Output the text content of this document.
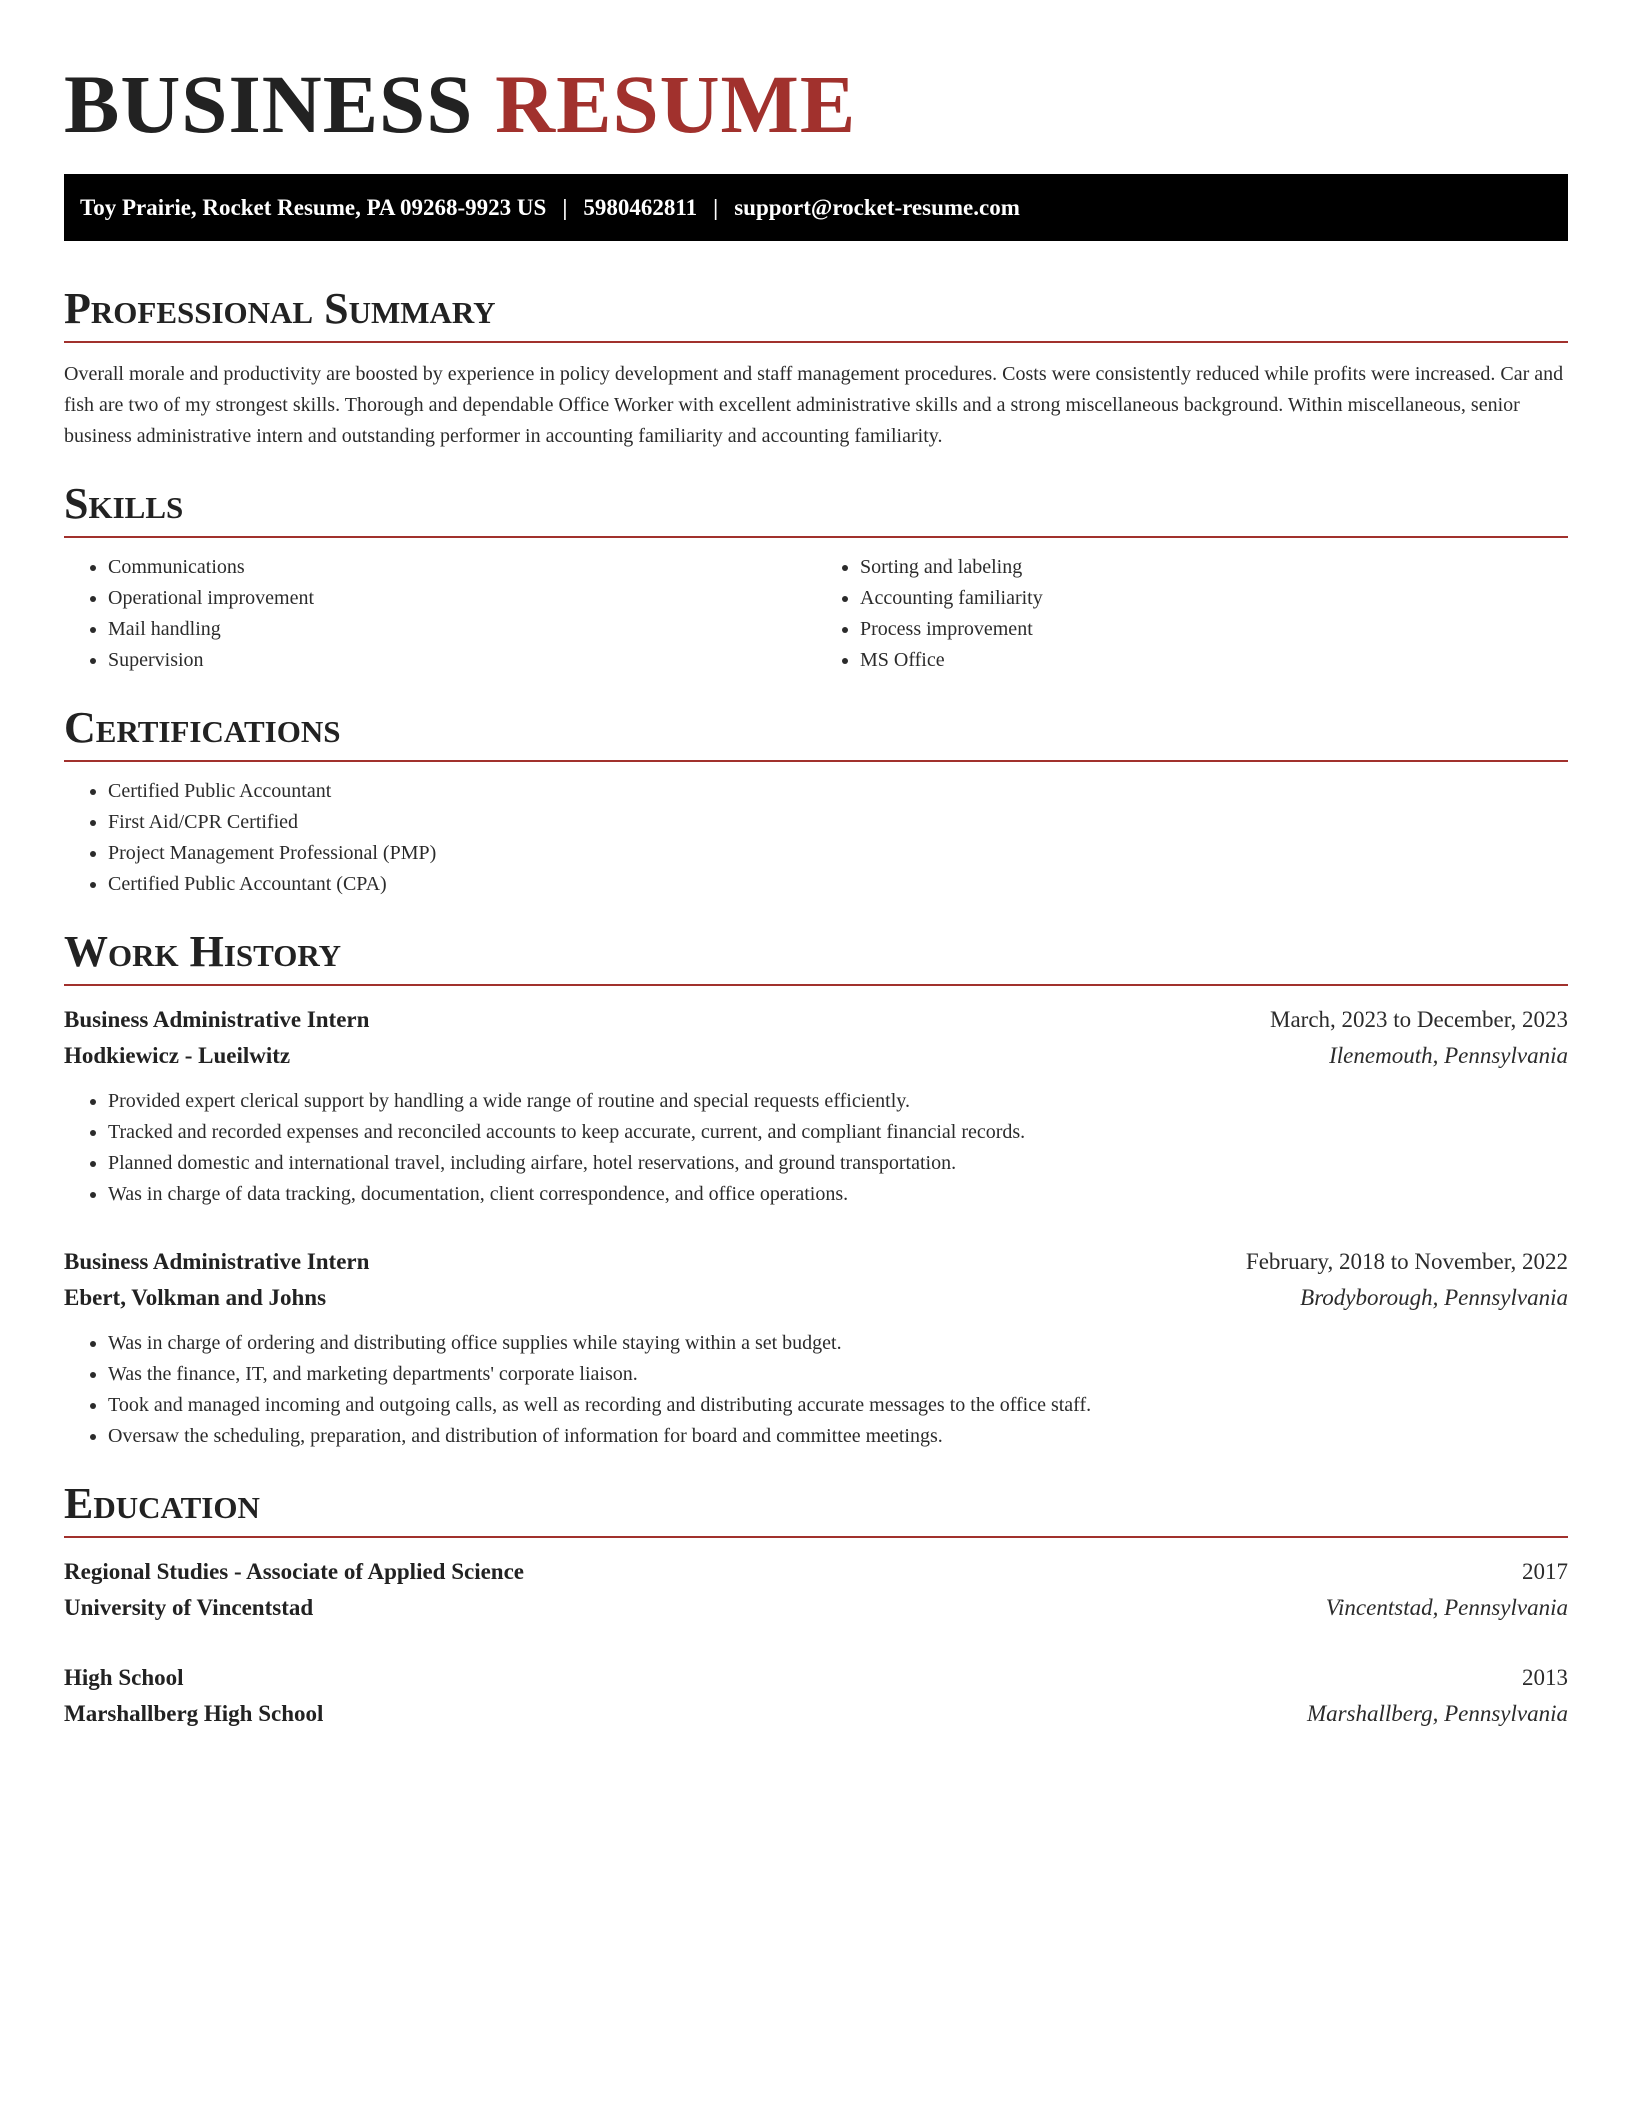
BUSINESS RESUME
Toy Prairie, Rocket Resume, PA 09268-9923 US | 5980462811 | support@rocket-resume.com
Professional Summary

Overall morale and productivity are boosted by experience in policy development and staff management procedures. Costs were consistently reduced while profits were increased. Car and fish are two of my strongest skills. Thorough and dependable Office Worker with excellent administrative skills and a strong miscellaneous background. Within miscellaneous, senior business administrative intern and outstanding performer in accounting familiarity and accounting familiarity.

Skills
• Communications
• Operational improvement
• Mail handling
• Supervision
• Sorting and labeling
• Accounting familiarity
• Process improvement
• MS Office
Certifications
• Certified Public Accountant
• First Aid/CPR Certified
• Project Management Professional (PMP)
• Certified Public Accountant (CPA)
Work History
Business Administrative Intern	March, 2023 to December, 2023
Hodkiewicz - Lueilwitz	Ilenemouth, Pennsylvania
• Provided expert clerical support by handling a wide range of routine and special requests efficiently.
• Tracked and recorded expenses and reconciled accounts to keep accurate, current, and compliant financial records.
• Planned domestic and international travel, including airfare, hotel reservations, and ground transportation.
• Was in charge of data tracking, documentation, client correspondence, and office operations.
Business Administrative Intern	February, 2018 to November, 2022
Ebert, Volkman and Johns	Brodyborough, Pennsylvania
• Was in charge of ordering and distributing office supplies while staying within a set budget.
• Was the finance, IT, and marketing departments' corporate liaison.
• Took and managed incoming and outgoing calls, as well as recording and distributing accurate messages to the office staff.
• Oversaw the scheduling, preparation, and distribution of information for board and committee meetings.
Education
Regional Studies - Associate of Applied Science	2017
University of Vincentstad	Vincentstad, Pennsylvania
High School	2013
Marshallberg High School	Marshallberg, Pennsylvania
